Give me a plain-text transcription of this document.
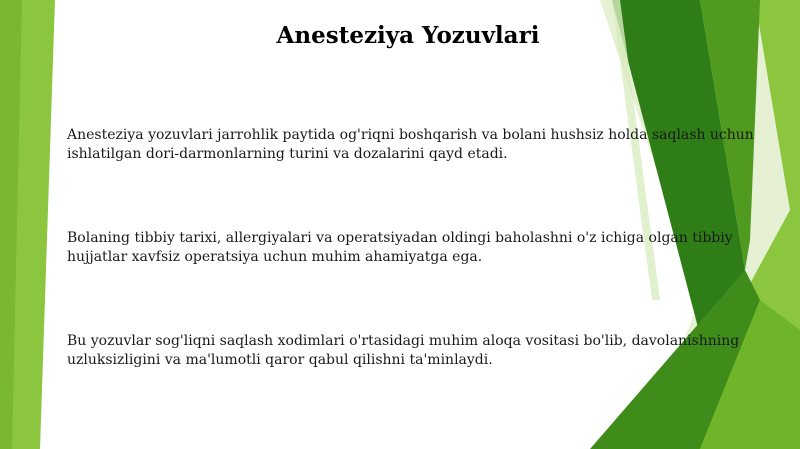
Anesteziya Yozuvlari

Anesteziya yozuvlari jarrohlik paytida og'riqni boshqarish va bolani hushsiz holda saqlash uchun ishlatilgan dori-darmonlarning turini va dozalarini qayd etadi.

Bolaning tibbiy tarixi, allergiyalari va operatsiyadan oldingi baholashni o'z ichiga olgan tibbiy hujjatlar xavfsiz operatsiya uchun muhim ahamiyatga ega.

Bu yozuvlar sog'liqni saqlash xodimlari o'rtasidagi muhim aloqa vositasi bo'lib, davolanishning uzluksizligini va ma'lumotli qaror qabul qilishni ta'minlaydi.
